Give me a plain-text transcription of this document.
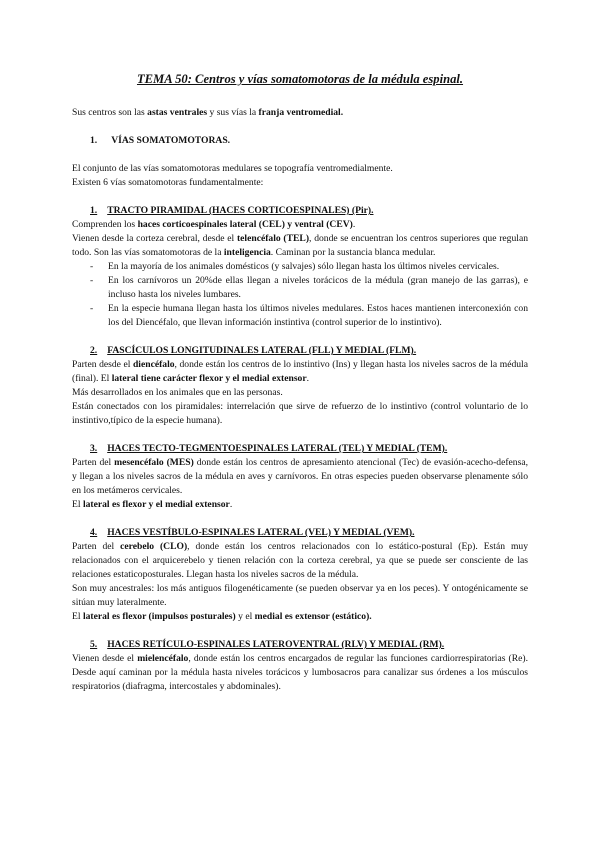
TEMA 50: Centros y vías somatomotoras de la médula espinal.

Sus centros son las astas ventrales y sus vías la franja ventromedial.

1. VÍAS SOMATOMOTORAS.

El conjunto de las vías somatomotoras medulares se topografía ventromedialmente.

Existen 6 vías somatomotoras fundamentalmente:

1. TRACTO PIRAMIDAL (HACES CORTICOESPINALES) (Pir).

Comprenden los haces corticoespinales lateral (CEL) y ventral (CEV).

Vienen desde la corteza cerebral, desde el telencéfalo (TEL), donde se encuentran los centros superiores que regulan todo. Son las vías somatomotoras de la inteligencia. Caminan por la sustancia blanca medular.

- En la mayoría de los animales domésticos (y salvajes) sólo llegan hasta los últimos niveles cervicales.
- En los carnívoros un 20%de ellas llegan a niveles torácicos de la médula (gran manejo de las garras), e incluso hasta los niveles lumbares.
- En la especie humana llegan hasta los últimos niveles medulares. Estos haces mantienen interconexión con los del Diencéfalo, que llevan información instintiva (control superior de lo instintivo).

2. FASCÍCULOS LONGITUDINALES LATERAL (FLL) Y MEDIAL (FLM).

Parten desde el diencéfalo, donde están los centros de lo instintivo (Ins) y llegan hasta los niveles sacros de la médula (final). El lateral tiene carácter flexor y el medial extensor.

Más desarrollados en los animales que en las personas.

Están conectados con los piramidales: interrelación que sirve de refuerzo de lo instintivo (control voluntario de lo instintivo,típico de la especie humana).

3. HACES TECTO-TEGMENTOESPINALES LATERAL (TEL) Y MEDIAL (TEM).

Parten del mesencéfalo (MES) donde están los centros de apresamiento atencional (Tec) de evasión-acecho-defensa, y llegan a los niveles sacros de la médula en aves y carnívoros. En otras especies pueden observarse plenamente sólo en los metámeros cervicales.

El lateral es flexor y el medial extensor.

4. HACES VESTÍBULO-ESPINALES LATERAL (VEL) Y MEDIAL (VEM).

Parten del cerebelo (CLO), donde están los centros relacionados con lo estático-postural (Ep). Están muy relacionados con el arquicerebelo y tienen relación con la corteza cerebral, ya que se puede ser consciente de las relaciones estaticoposturales. Llegan hasta los niveles sacros de la médula.

Son muy ancestrales: los más antiguos filogenéticamente (se pueden observar ya en los peces). Y ontogénicamente se sitúan muy lateralmente.

El lateral es flexor (impulsos posturales) y el medial es extensor (estático).

5. HACES RETÍCULO-ESPINALES LATEROVENTRAL (RLV) Y MEDIAL (RM).

Vienen desde el mielencéfalo, donde están los centros encargados de regular las funciones cardiorrespiratorias (Re). Desde aquí caminan por la médula hasta niveles torácicos y lumbosacros para canalizar sus órdenes a los músculos respiratorios (diafragma, intercostales y abdominales).
